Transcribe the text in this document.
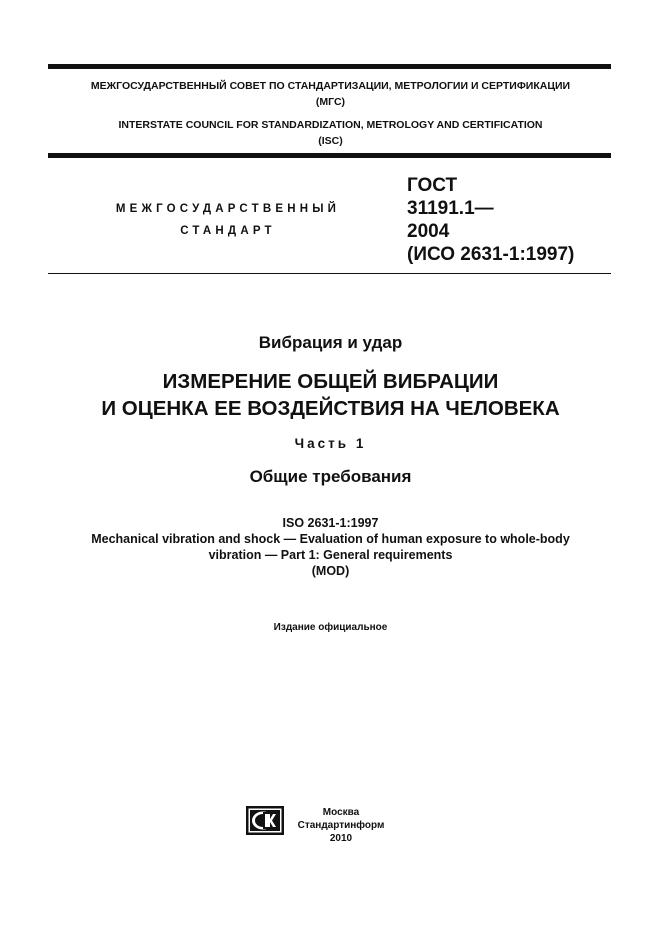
МЕЖГОСУДАРСТВЕННЫЙ СОВЕТ ПО СТАНДАРТИЗАЦИИ, МЕТРОЛОГИИ И СЕРТИФИКАЦИИ
(МГС)
INTERSTATE COUNCIL FOR STANDARDIZATION, METROLOGY AND CERTIFICATION
(ISC)
МЕЖГОСУДАРСТВЕННЫЙ
СТАНДАРТ
ГОСТ
31191.1—
2004
(ИСО 2631-1:1997)
Вибрация и удар
ИЗМЕРЕНИЕ ОБЩЕЙ ВИБРАЦИИ
И ОЦЕНКА ЕЕ ВОЗДЕЙСТВИЯ НА ЧЕЛОВЕКА
Часть 1
Общие требования
ISO 2631-1:1997
Mechanical vibration and shock — Evaluation of human exposure to whole-body
vibration — Part 1: General requirements
(MOD)
Издание официальное
Москва
Стандартинформ
2010
